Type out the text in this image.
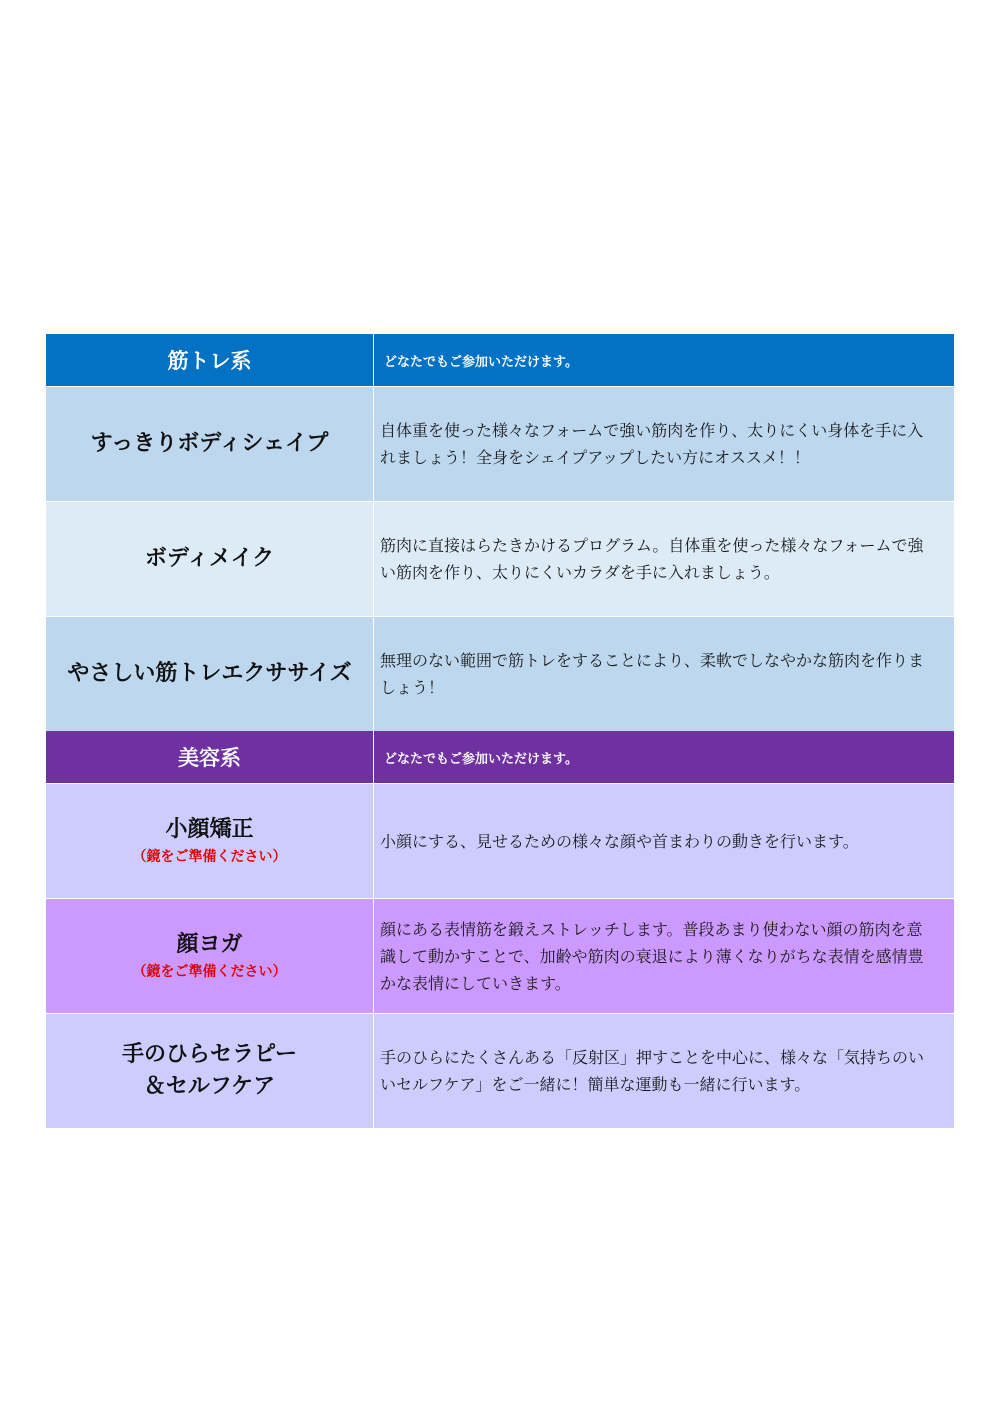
筋トレ系	どなたでもご参加いただけます。
すっきりボディシェイプ

自体重を使った様々なフォームで強い筋肉を作り、太りにくい身体を手に入れましょう！全身をシェイプアップしたい方にオススメ！！

ボディメイク

筋肉に直接はらたきかけるプログラム。自体重を使った様々なフォームで強い筋肉を作り、太りにくいカラダを手に入れましょう。

やさしい筋トレエクササイズ

無理のない範囲で筋トレをすることにより、柔軟でしなやかな筋肉を作りましょう！

美容系	どなたでもご参加いただけます。
小顔矯正
（鏡をご準備ください）

小顔にする、見せるための様々な顔や首まわりの動きを行います。

顔ヨガ
（鏡をご準備ください）

顔にある表情筋を鍛えストレッチします。普段あまり使わない顔の筋肉を意識して動かすことで、加齢や筋肉の衰退により薄くなりがちな表情を感情豊かな表情にしていきます。

手のひらセラピー
＆セルフケア

手のひらにたくさんある「反射区」押すことを中心に、様々な「気持ちのいいセルフケア」をご一緒に！簡単な運動も一緒に行います。
